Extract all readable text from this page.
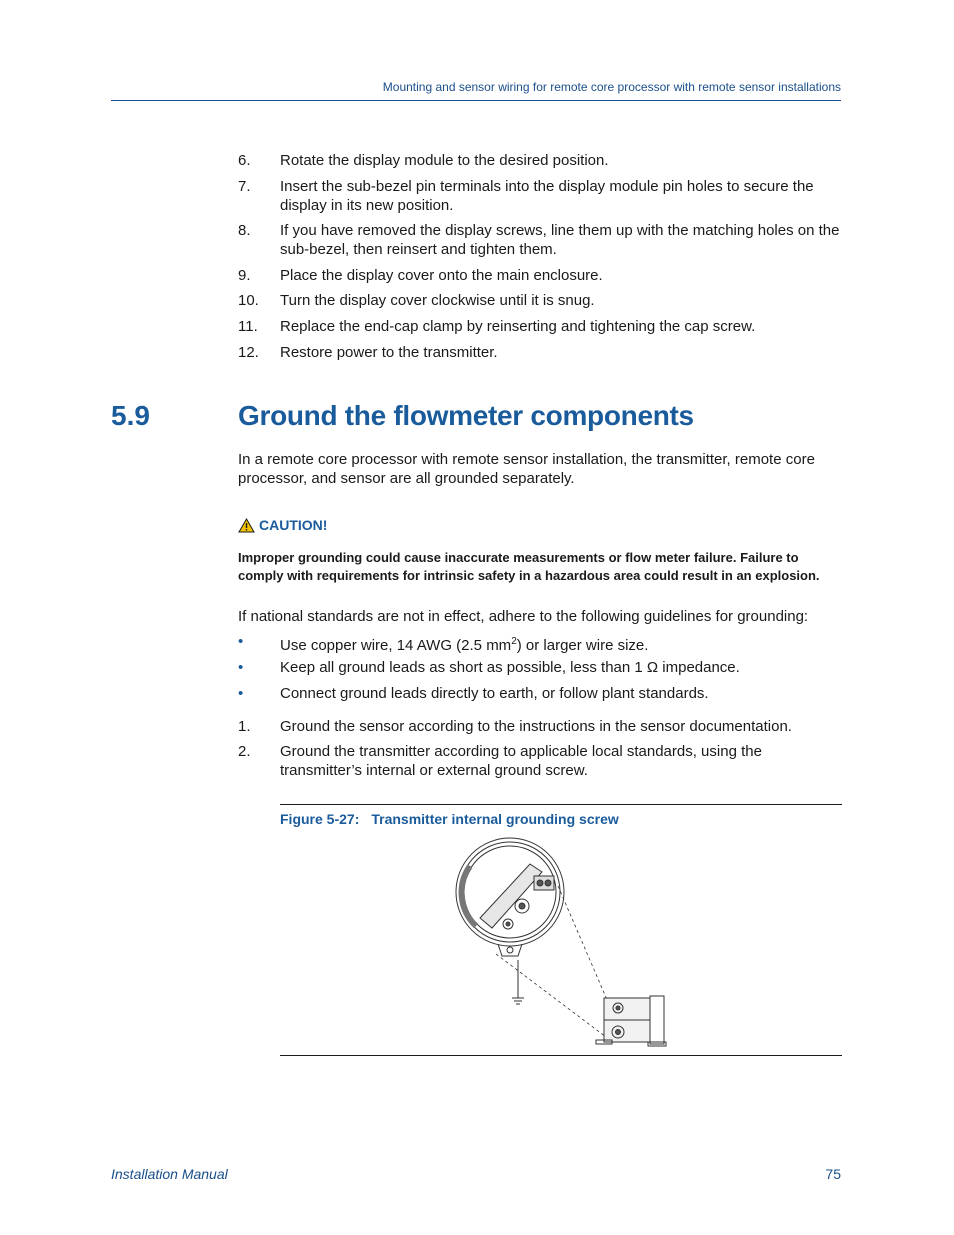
Mounting and sensor wiring for remote core processor with remote sensor installations
6. Rotate the display module to the desired position.
7. Insert the sub-bezel pin terminals into the display module pin holes to secure the display in its new position.
8. If you have removed the display screws, line them up with the matching holes on the sub-bezel, then reinsert and tighten them.
9. Place the display cover onto the main enclosure.
10. Turn the display cover clockwise until it is snug.
11. Replace the end-cap clamp by reinserting and tightening the cap screw.
12. Restore power to the transmitter.
5.9	Ground the flowmeter components
In a remote core processor with remote sensor installation, the transmitter, remote core processor, and sensor are all grounded separately.
CAUTION!
Improper grounding could cause inaccurate measurements or flow meter failure. Failure to comply with requirements for intrinsic safety in a hazardous area could result in an explosion.
If national standards are not in effect, adhere to the following guidelines for grounding:
• Use copper wire, 14 AWG (2.5 $mm^2$) or larger wire size.
• Keep all ground leads as short as possible, less than 1 Ω impedance.
• Connect ground leads directly to earth, or follow plant standards.
1. Ground the sensor according to the instructions in the sensor documentation.
2. Ground the transmitter according to applicable local standards, using the transmitter’s internal or external ground screw.
Figure 5-27: Transmitter internal grounding screw
Installation Manual	75
